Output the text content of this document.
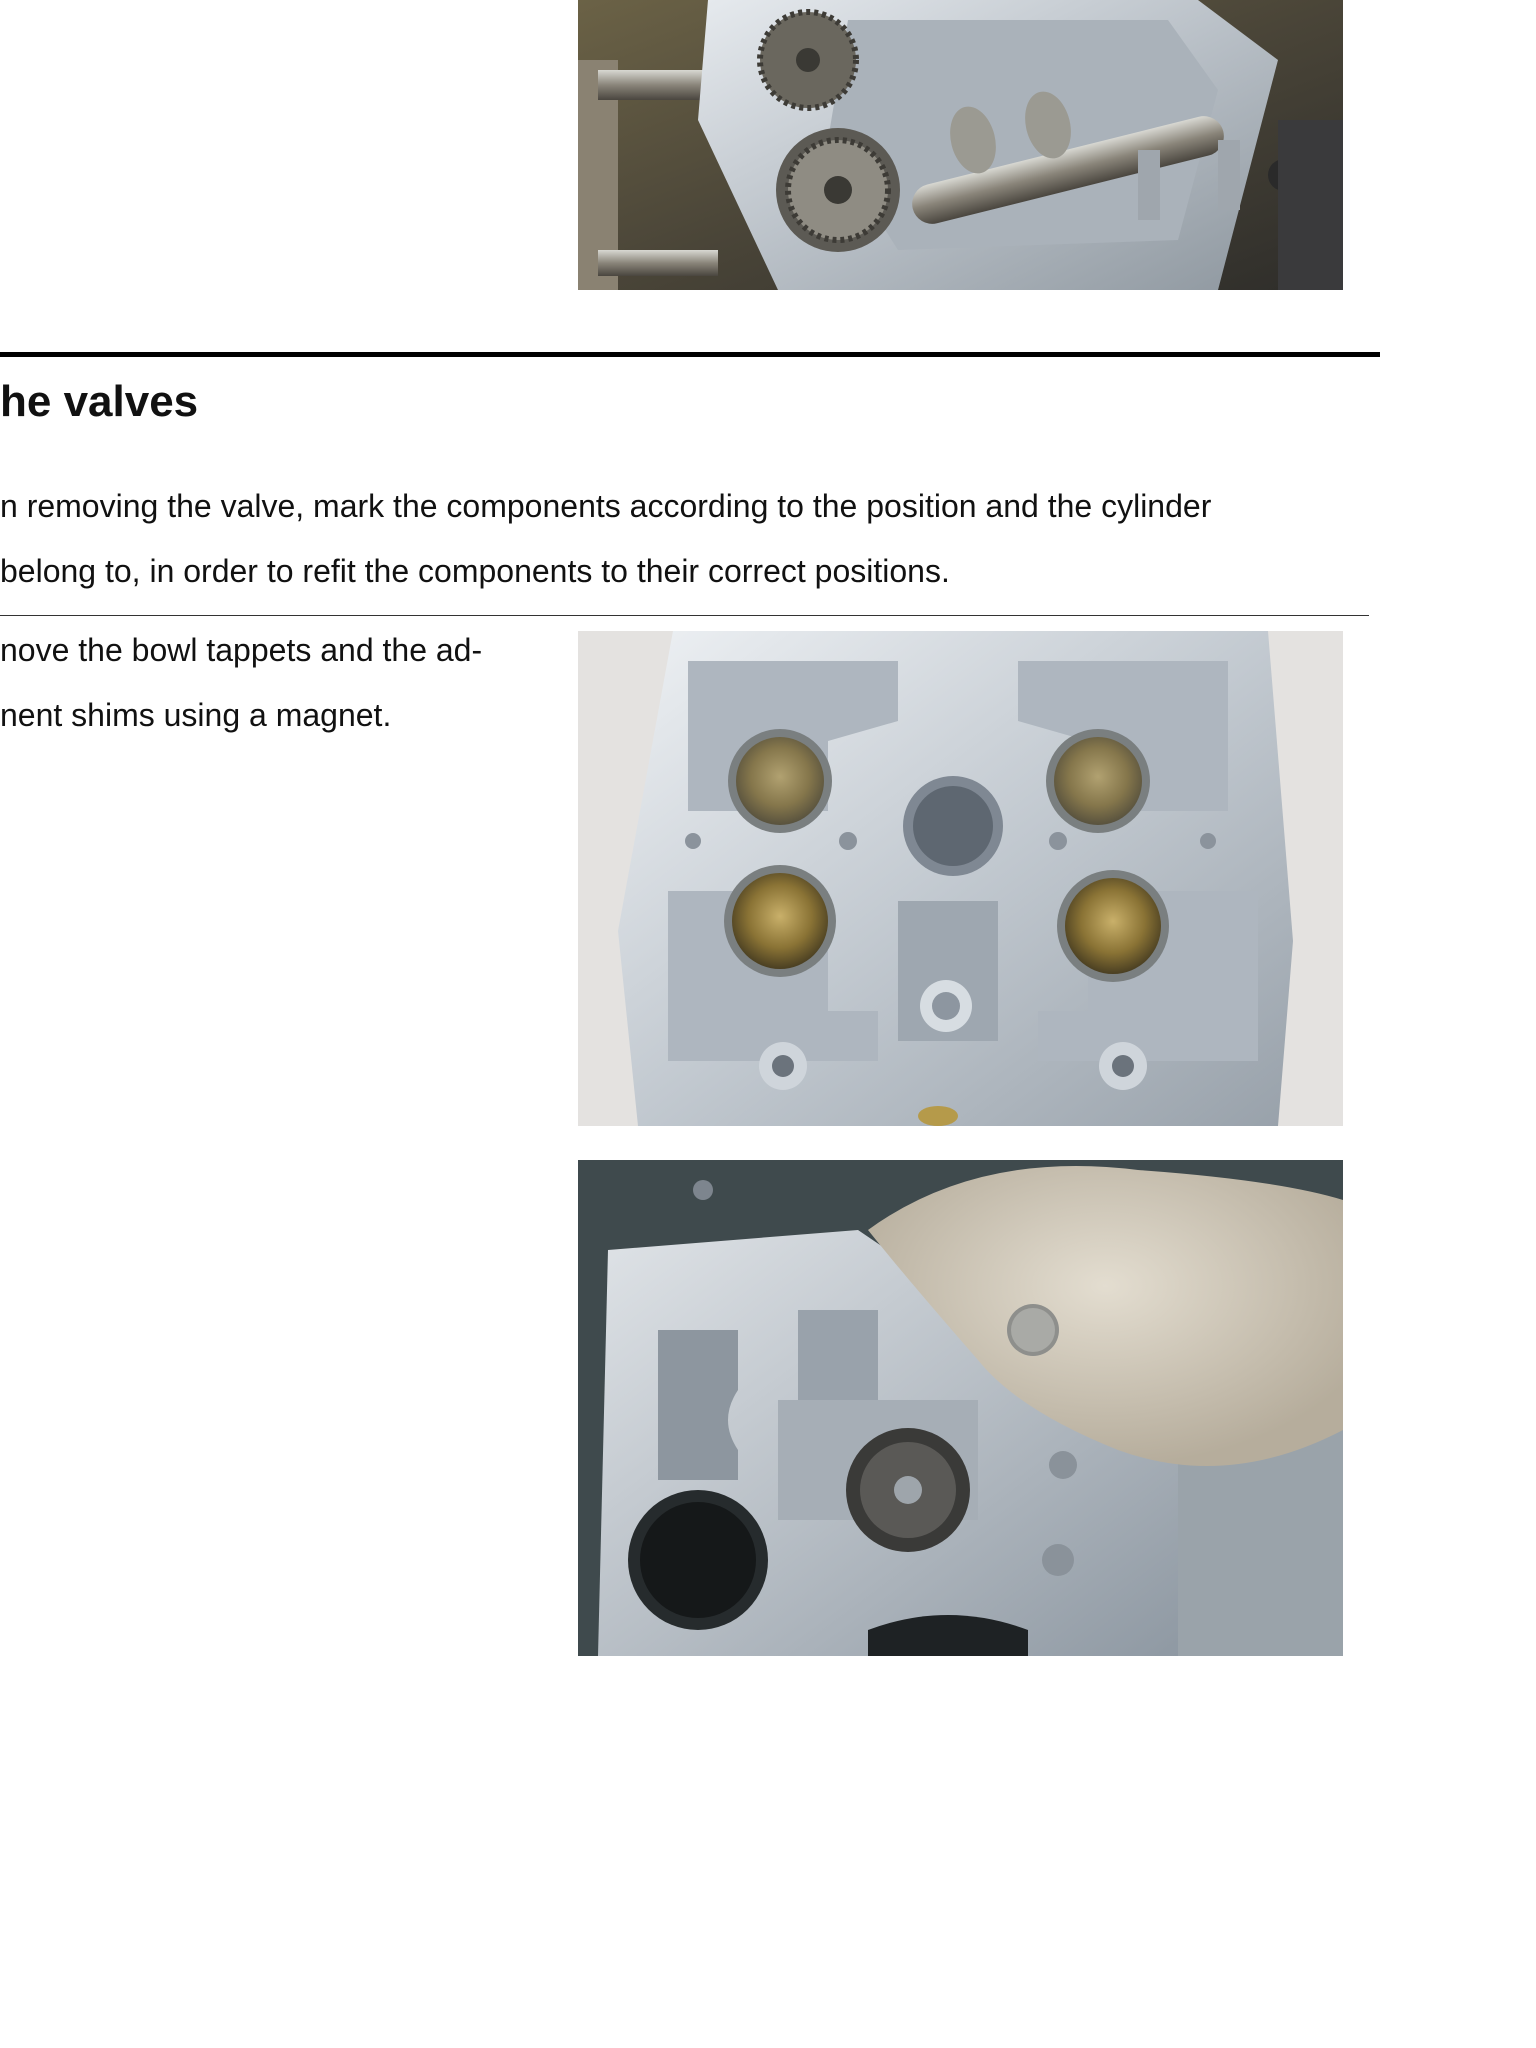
he valves

n removing the valve, mark the components according to the position and the cylinder

belong to, in order to refit the components to their correct positions.

nove the bowl tappets and the ad-

nent shims using a magnet.
